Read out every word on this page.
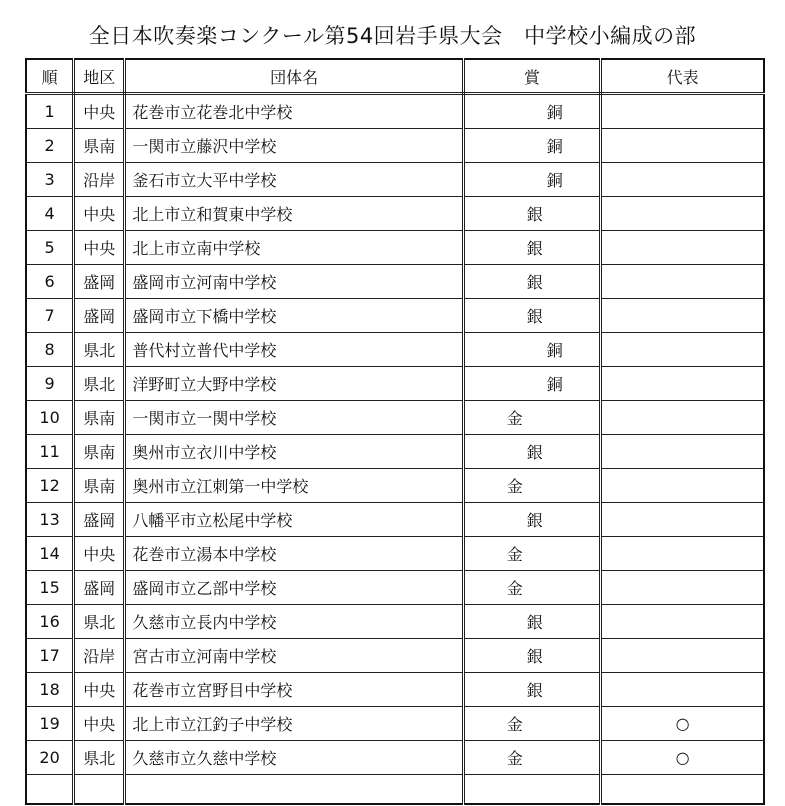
全日本吹奏楽コンクール第54回岩手県大会　中学校小編成の部
順	地区	団体名	賞	代表
1	中央	花巻市立花巻北中学校	銅	
2	県南	一関市立藤沢中学校	銅	
3	沿岸	釜石市立大平中学校	銅	
4	中央	北上市立和賀東中学校	銀	
5	中央	北上市立南中学校	銀	
6	盛岡	盛岡市立河南中学校	銀	
7	盛岡	盛岡市立下橋中学校	銀	
8	県北	普代村立普代中学校	銅	
9	県北	洋野町立大野中学校	銅	
10	県南	一関市立一関中学校	金	
11	県南	奥州市立衣川中学校	銀	
12	県南	奥州市立江刺第一中学校	金	
13	盛岡	八幡平市立松尾中学校	銀	
14	中央	花巻市立湯本中学校	金	
15	盛岡	盛岡市立乙部中学校	金	
16	県北	久慈市立長内中学校	銀	
17	沿岸	宮古市立河南中学校	銀	
18	中央	花巻市立宮野目中学校	銀	
19	中央	北上市立江釣子中学校	金	○
20	県北	久慈市立久慈中学校	金	○
